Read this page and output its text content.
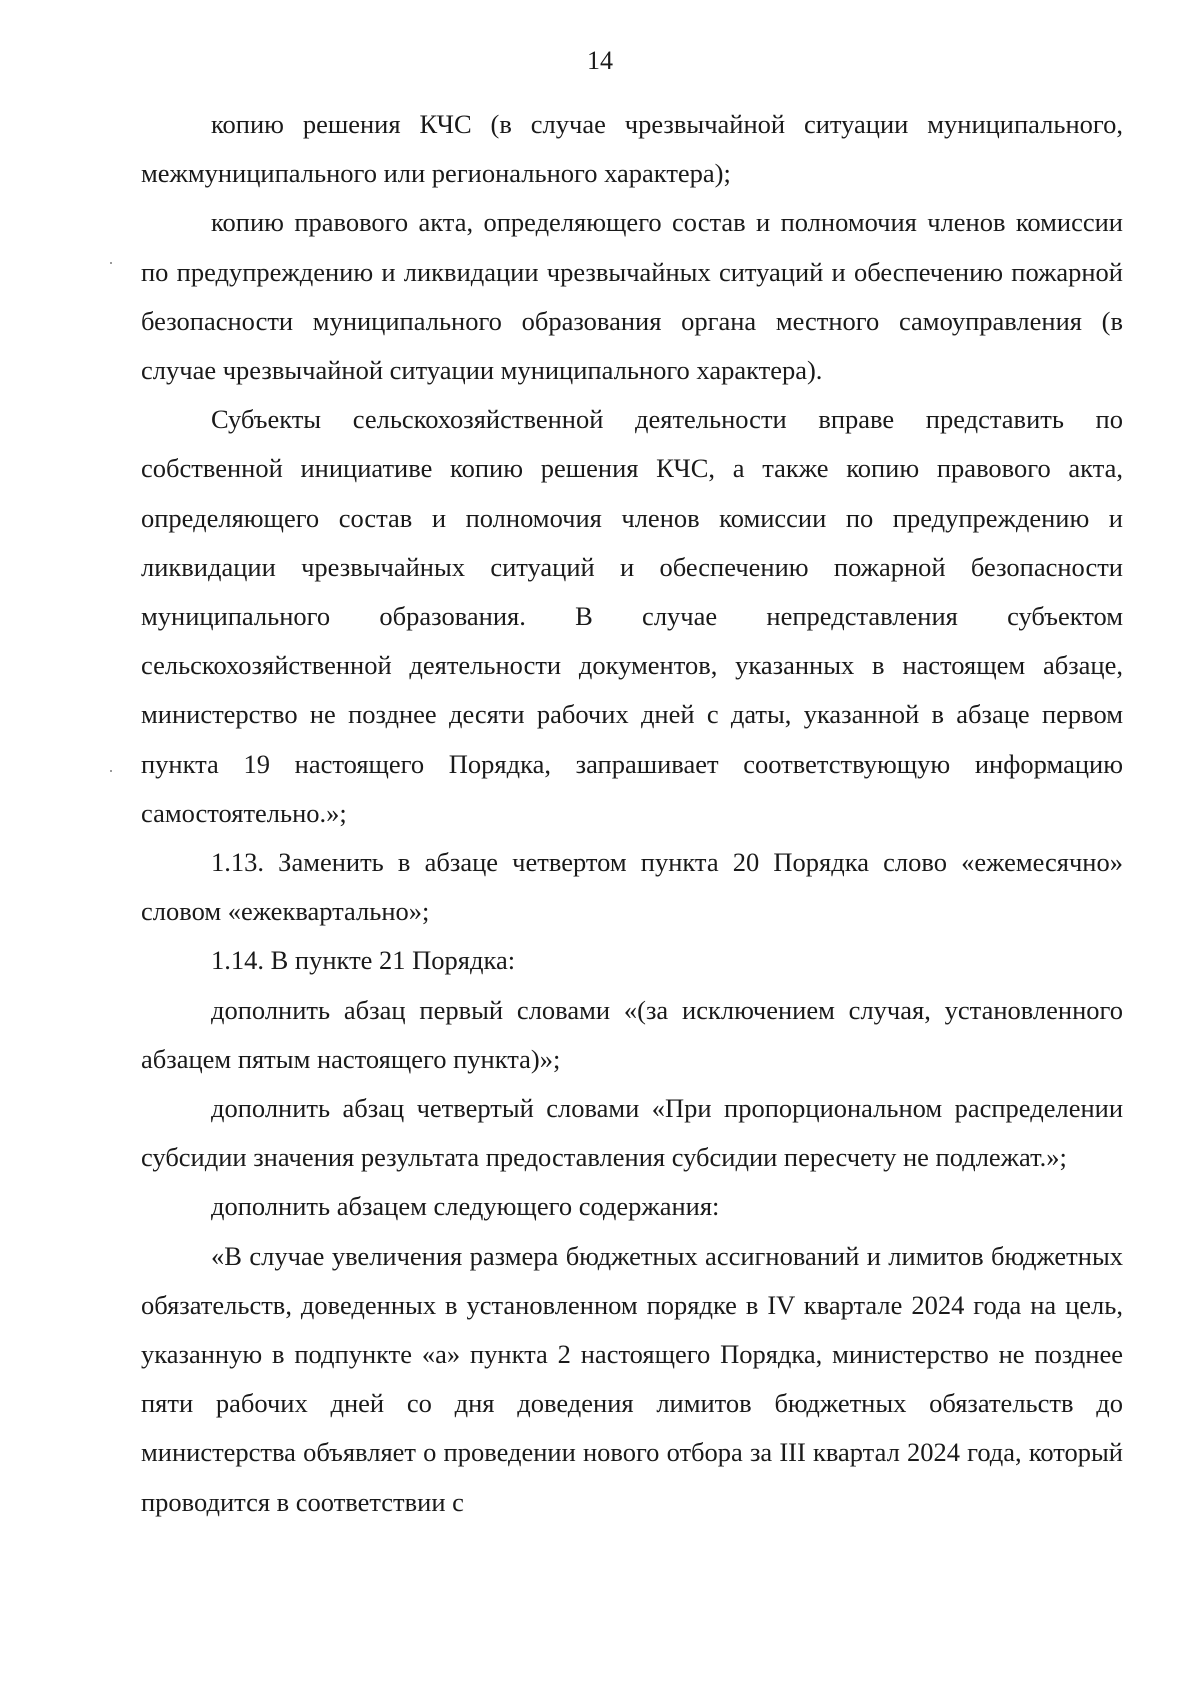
14

копию решения КЧС (в случае чрезвычайной ситуации муниципального, межмуниципального или регионального характера);

копию правового акта, определяющего состав и полномочия членов комиссии по предупреждению и ликвидации чрезвычайных ситуаций и обеспечению пожарной безопасности муниципального образования органа местного самоуправления (в случае чрезвычайной ситуации муниципального характера).

Субъекты сельскохозяйственной деятельности вправе представить по собственной инициативе копию решения КЧС, а также копию правового акта, определяющего состав и полномочия членов комиссии по предупреждению и ликвидации чрезвычайных ситуаций и обеспечению пожарной безопасности муниципального образования. В случае непредставления субъектом сельскохозяйственной деятельности документов, указанных в настоящем абзаце, министерство не позднее десяти рабочих дней с даты, указанной в абзаце первом пункта 19 настоящего Порядка, запрашивает соответствующую информацию самостоятельно.»;

1.13. Заменить в абзаце четвертом пункта 20 Порядка слово «ежемесячно» словом «ежеквартально»;

1.14. В пункте 21 Порядка:

дополнить абзац первый словами «(за исключением случая, установленного абзацем пятым настоящего пункта)»;

дополнить абзац четвертый словами «При пропорциональном распределении субсидии значения результата предоставления субсидии пересчету не подлежат.»;

дополнить абзацем следующего содержания:

«В случае увеличения размера бюджетных ассигнований и лимитов бюджетных обязательств, доведенных в установленном порядке в IV квартале 2024 года на цель, указанную в подпункте «а» пункта 2 настоящего Порядка, министерство не позднее пяти рабочих дней со дня доведения лимитов бюджетных обязательств до министерства объявляет о проведении нового отбора за III квартал 2024 года, который проводится в соответствии с
